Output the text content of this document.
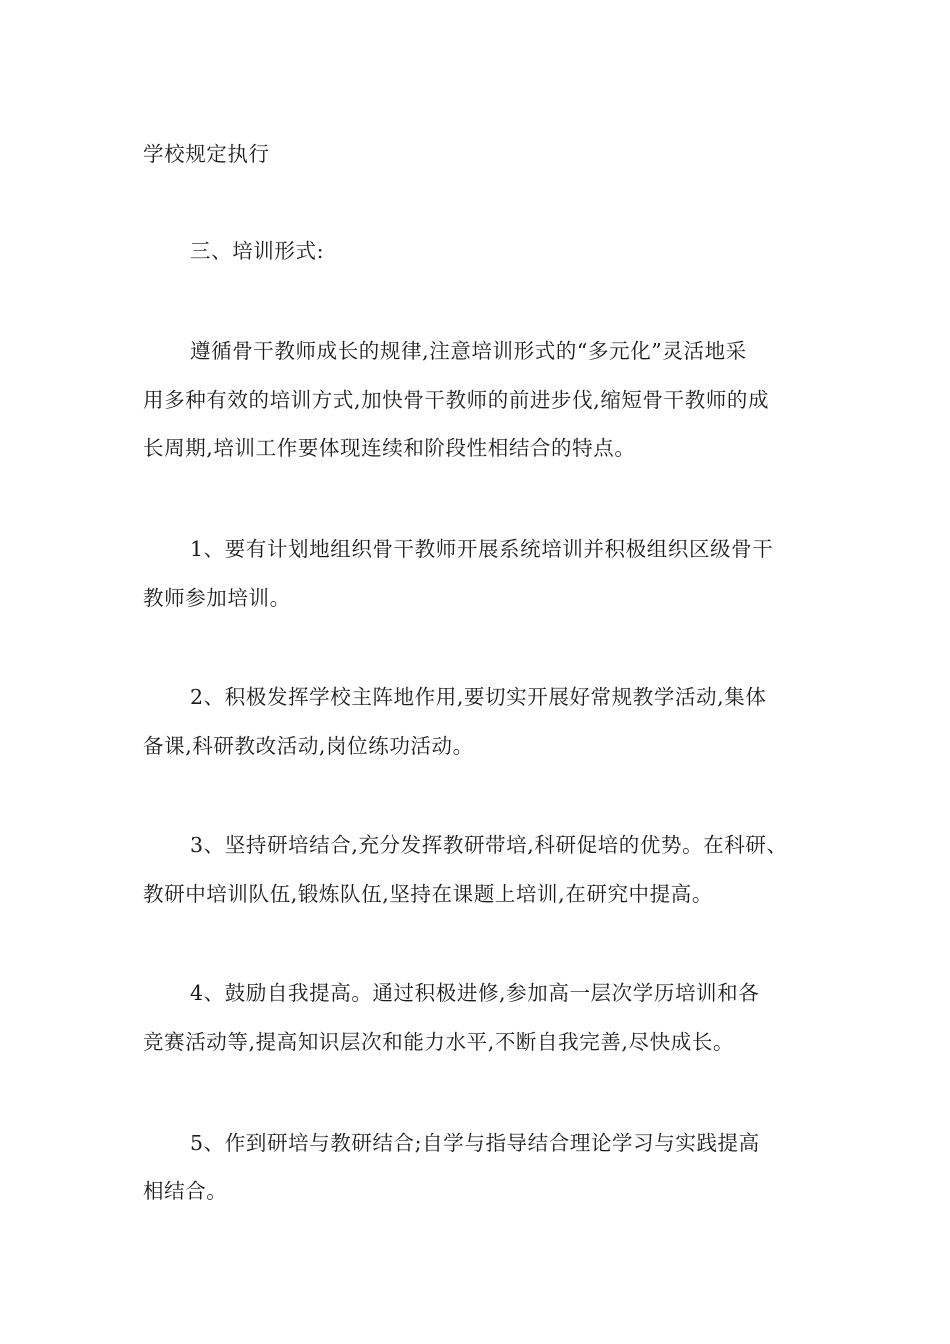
学校规定执行
三、培训形式:
遵循骨干教师成长的规律,注意培训形式的“多元化”灵活地采
用多种有效的培训方式,加快骨干教师的前进步伐,缩短骨干教师的成
长周期,培训工作要体现连续和阶段性相结合的特点。
1、要有计划地组织骨干教师开展系统培训并积极组织区级骨干
教师参加培训。
2、积极发挥学校主阵地作用,要切实开展好常规教学活动,集体
备课,科研教改活动,岗位练功活动。
3、坚持研培结合,充分发挥教研带培,科研促培的优势。在科研、
教研中培训队伍,锻炼队伍,坚持在课题上培训,在研究中提高。
4、鼓励自我提高。通过积极进修,参加高一层次学历培训和各
竞赛活动等,提高知识层次和能力水平,不断自我完善,尽快成长。
5、作到研培与教研结合;自学与指导结合理论学习与实践提高
相结合。
